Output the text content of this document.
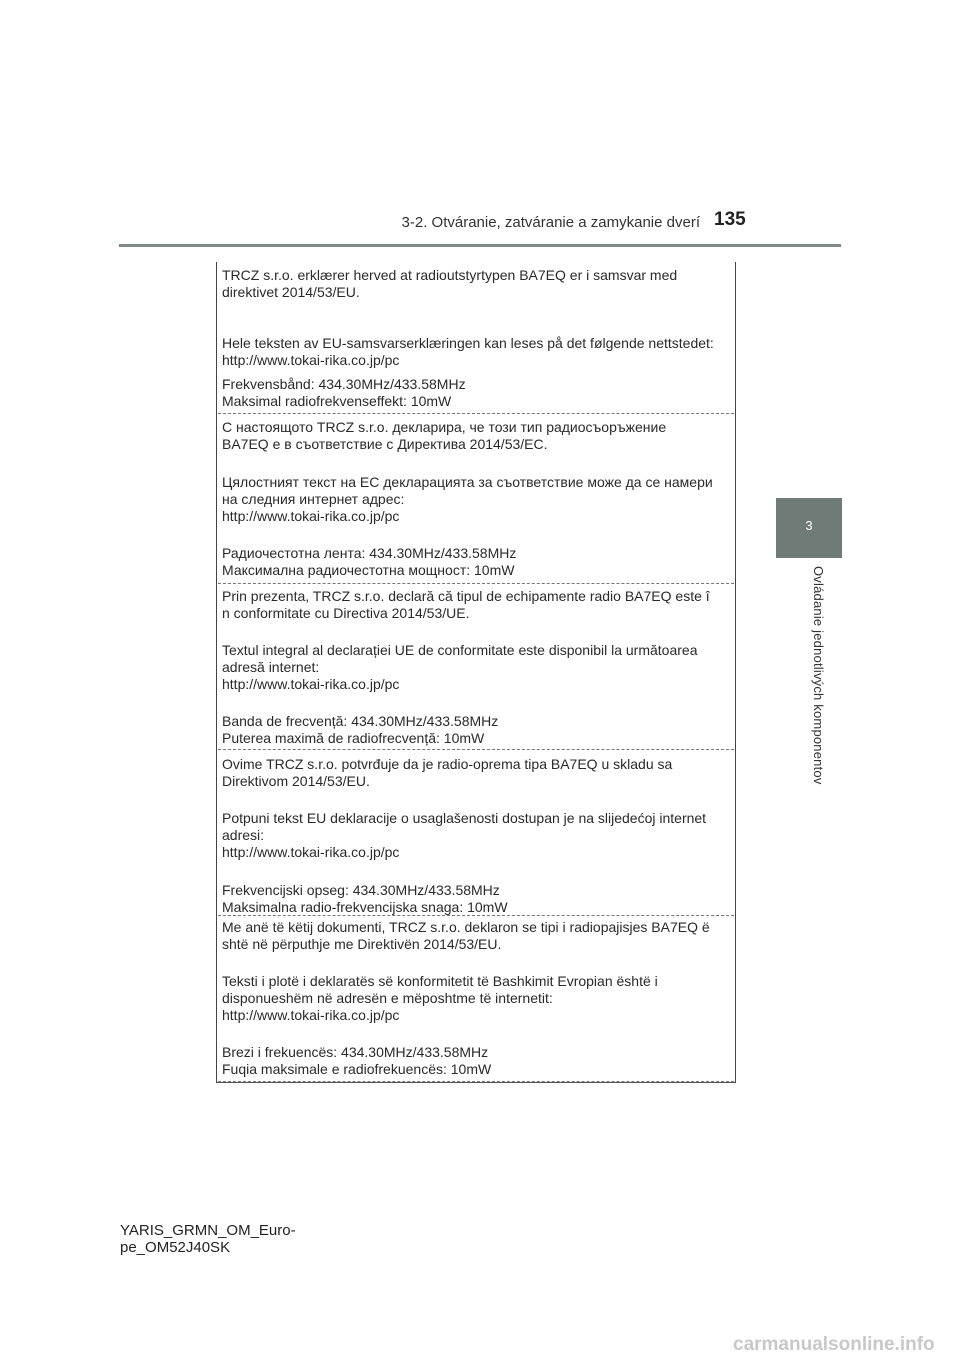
3-2. Otváranie, zatváranie a zamykanie dverí 135
3
Ovládanie jednotlivých komponentov
TRCZ s.r.o. erklærer herved at radioutstyrtypen BA7EQ er i samsvar med
direktivet 2014/53/EU.
Hele teksten av EU-samsvarserklæringen kan leses på det følgende nettstedet:
http://www.tokai-rika.co.jp/pc
Frekvensbånd: 434.30MHz/433.58MHz
Maksimal radiofrekvenseffekt: 10mW
С настоящото TRCZ s.r.o. декларира, че този тип радиосъоръжение
BA7EQ е в съответствие с Директива 2014/53/ЕС.
Цялостният текст на ЕС декларацията за съответствие може да се намери
на следния интернет адрес:
http://www.tokai-rika.co.jp/pc
Радиочестотна лента: 434.30MHz/433.58MHz
Максимална радиочестотна мощност: 10mW
Prin prezenta, TRCZ s.r.o. declară că tipul de echipamente radio BA7EQ este î
n conformitate cu Directiva 2014/53/UE.
Textul integral al declarației UE de conformitate este disponibil la următoarea
adresă internet:
http://www.tokai-rika.co.jp/pc
Banda de frecvență: 434.30MHz/433.58MHz
Puterea maximă de radiofrecvență: 10mW
Ovime TRCZ s.r.o. potvrđuje da je radio-oprema tipa BA7EQ u skladu sa
Direktivom 2014/53/EU.
Potpuni tekst EU deklaracije o usaglašenosti dostupan je na slijedećoj internet
adresi:
http://www.tokai-rika.co.jp/pc
Frekvencijski opseg: 434.30MHz/433.58MHz
Maksimalna radio-frekvencijska snaga: 10mW
Me anë të këtij dokumenti, TRCZ s.r.o. deklaron se tipi i radiopajisjes BA7EQ ë
shtë në përputhje me Direktivën 2014/53/EU.
Teksti i plotë i deklaratës së konformitetit të Bashkimit Evropian është i
disponueshëm në adresën e mëposhtme të internetit:
http://www.tokai-rika.co.jp/pc
Brezi i frekuencës: 434.30MHz/433.58MHz
Fuqia maksimale e radiofrekuencës: 10mW
YARIS_GRMN_OM_Euro-
pe_OM52J40SK
carmanualsonline.info
